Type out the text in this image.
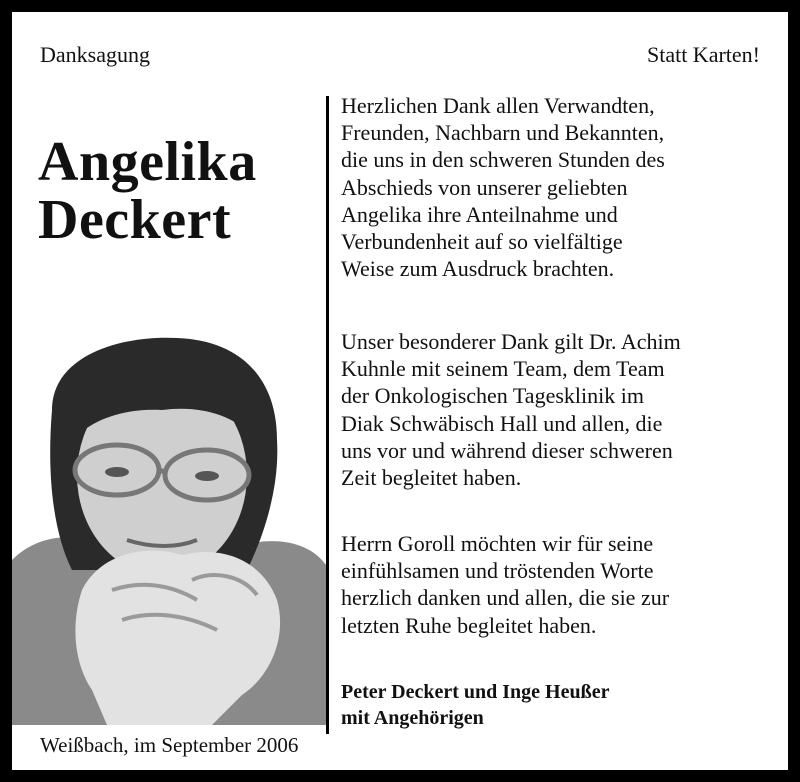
Danksagung	Statt Karten!
Angelika
Deckert
Herzlichen Dank allen Verwandten,
Freunden, Nachbarn und Bekannten,
die uns in den schweren Stunden des
Abschieds von unserer geliebten
Angelika ihre Anteilnahme und
Verbundenheit auf so vielfältige
Weise zum Ausdruck brachten.
Unser besonderer Dank gilt Dr. Achim
Kuhnle mit seinem Team, dem Team
der Onkologischen Tagesklinik im
Diak Schwäbisch Hall und allen, die
uns vor und während dieser schweren
Zeit begleitet haben.
Herrn Goroll möchten wir für seine
einfühlsamen und tröstenden Worte
herzlich danken und allen, die sie zur
letzten Ruhe begleitet haben.
Peter Deckert und Inge Heußer
mit Angehörigen
Weißbach, im September 2006
